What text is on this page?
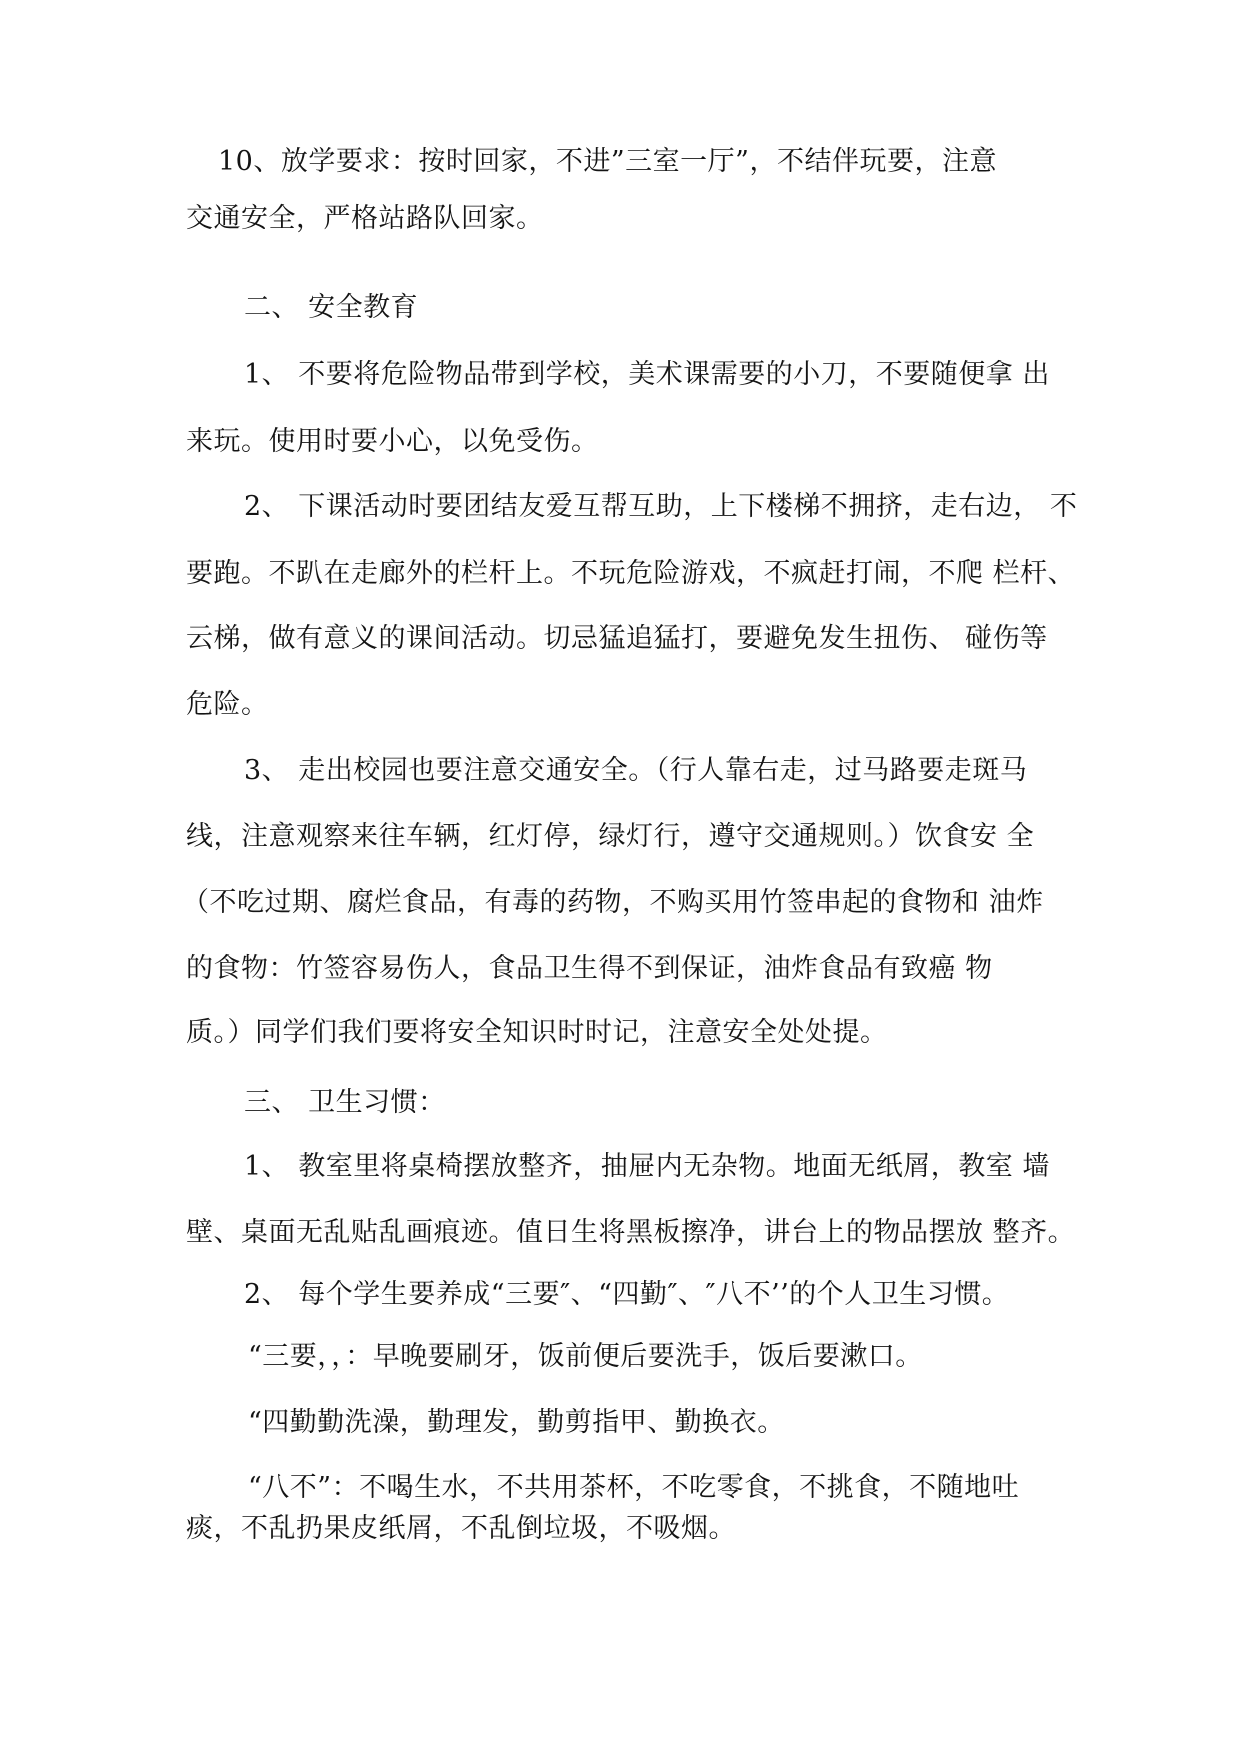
10、放学要求：按时回家，不进”三室一厅”，不结伴玩要，注意
交通安全，严格站路队回家。
二、 安全教育
1、 不要将危险物品带到学校，美术课需要的小刀，不要随便拿 出
来玩。使用时要小心，以免受伤。
2、 下课活动时要团结友爱互帮互助，上下楼梯不拥挤，走右边， 不
要跑。不趴在走廊外的栏杆上。不玩危险游戏，不疯赶打闹，不爬 栏杆、
云梯，做有意义的课间活动。切忌猛追猛打，要避免发生扭伤、 碰伤等
危险。
3、 走出校园也要注意交通安全。（行人靠右走，过马路要走斑马
线，注意观察来往车辆，红灯停，绿灯行，遵守交通规则。）饮食安 全
（不吃过期、腐烂食品，有毒的药物，不购买用竹签串起的食物和 油炸
的食物：竹签容易伤人，食品卫生得不到保证，油炸食品有致癌 物
质。）同学们我们要将安全知识时时记，注意安全处处提。
三、 卫生习惯：
1、 教室里将桌椅摆放整齐，抽屉内无杂物。地面无纸屑，教室 墙
壁、桌面无乱贴乱画痕迹。值日生将黑板擦净，讲台上的物品摆放 整齐。
2、 每个学生要养成“三要″、“四勤″、″八不’’的个人卫生习惯。
“三要，，：早晚要刷牙，饭前便后要洗手，饭后要漱口。
“四勤勤洗澡，勤理发，勤剪指甲、勤换衣。
“八不”：不喝生水，不共用茶杯，不吃零食，不挑食，不随地吐
痰，不乱扔果皮纸屑，不乱倒垃圾，不吸烟。
